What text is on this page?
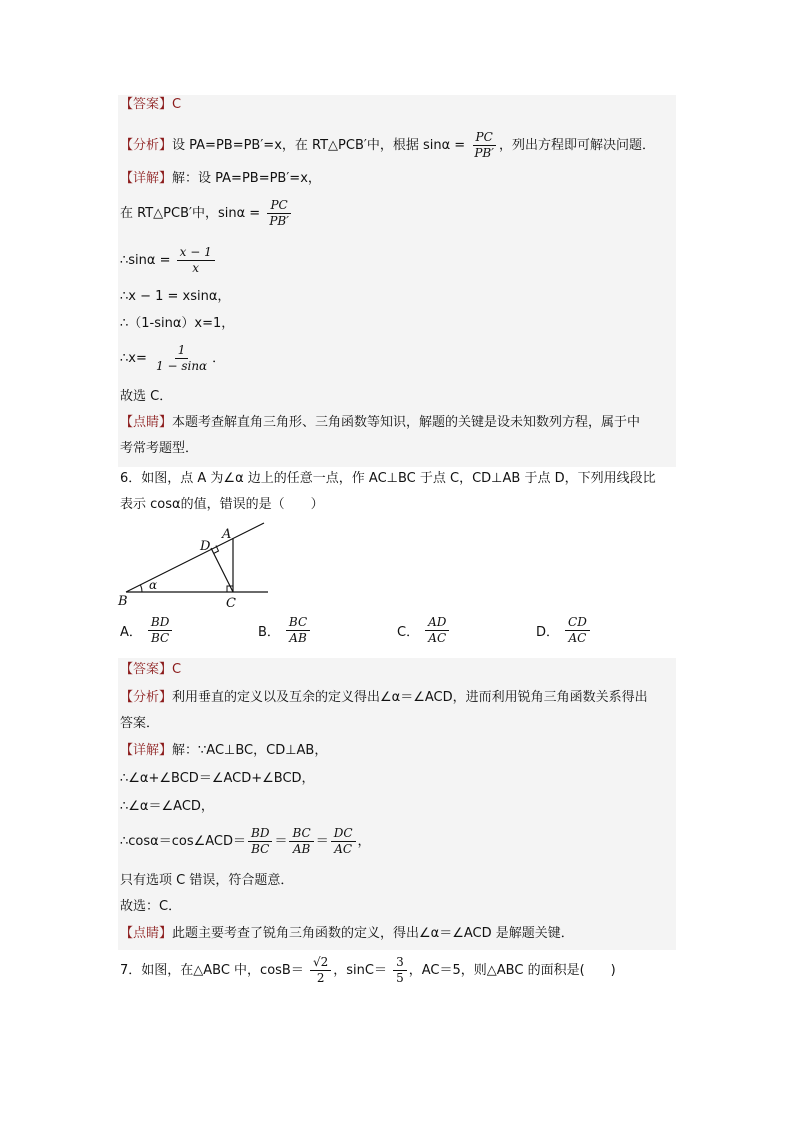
【答案】C
【分析】设 PA=PB=PB′=x，在 RT△PCB′中，根据 $\sin\alpha = \frac{PC}{PB'}$ ，列出方程即可解决问题．
【详解】解：设 PA=PB=PB′=x，
在 RT△PCB′中，$\sin\alpha = \frac{PC}{PB'}$
∴sinα = $\frac{x - 1}{x}$
∴x − 1 = xsinα，
∴（1-sinα）x=1，
∴x= $\frac{1}{1 - \sin\alpha}$ ．
故选 C．
【点睛】本题考查解直角三角形、三角函数等知识，解题的关键是设未知数列方程，属于中
考常考题型．
6．如图，点 A 为∠α 边上的任意一点，作 AC⊥BC 于点 C，CD⊥AB 于点 D，下列用线段比
表示 cosα的值，错误的是（　　）
A
D
B	C
α
A． $\frac{BD}{BC}$	B． $\frac{BC}{AB}$	C． $\frac{AD}{AC}$	D． $\frac{CD}{AC}$
【答案】C
【分析】利用垂直的定义以及互余的定义得出∠α＝∠ACD，进而利用锐角三角函数关系得出
答案．
【详解】解：∵AC⊥BC，CD⊥AB，
∴∠α+∠BCD＝∠ACD+∠BCD，
∴∠α＝∠ACD，
∴cosα＝cos∠ACD＝ $\frac{BD}{BC} = \frac{BC}{AB} = \frac{DC}{AC}$ ，
只有选项 C 错误，符合题意．
故选：C．
【点睛】此题主要考查了锐角三角函数的定义，得出∠α＝∠ACD 是解题关键．
7．如图，在△ABC 中，$\cos B= \frac{√2}{2}$ ，$\sin C= \frac{3}{5}$ ，AC＝5，则△ABC 的面积是(　　)
